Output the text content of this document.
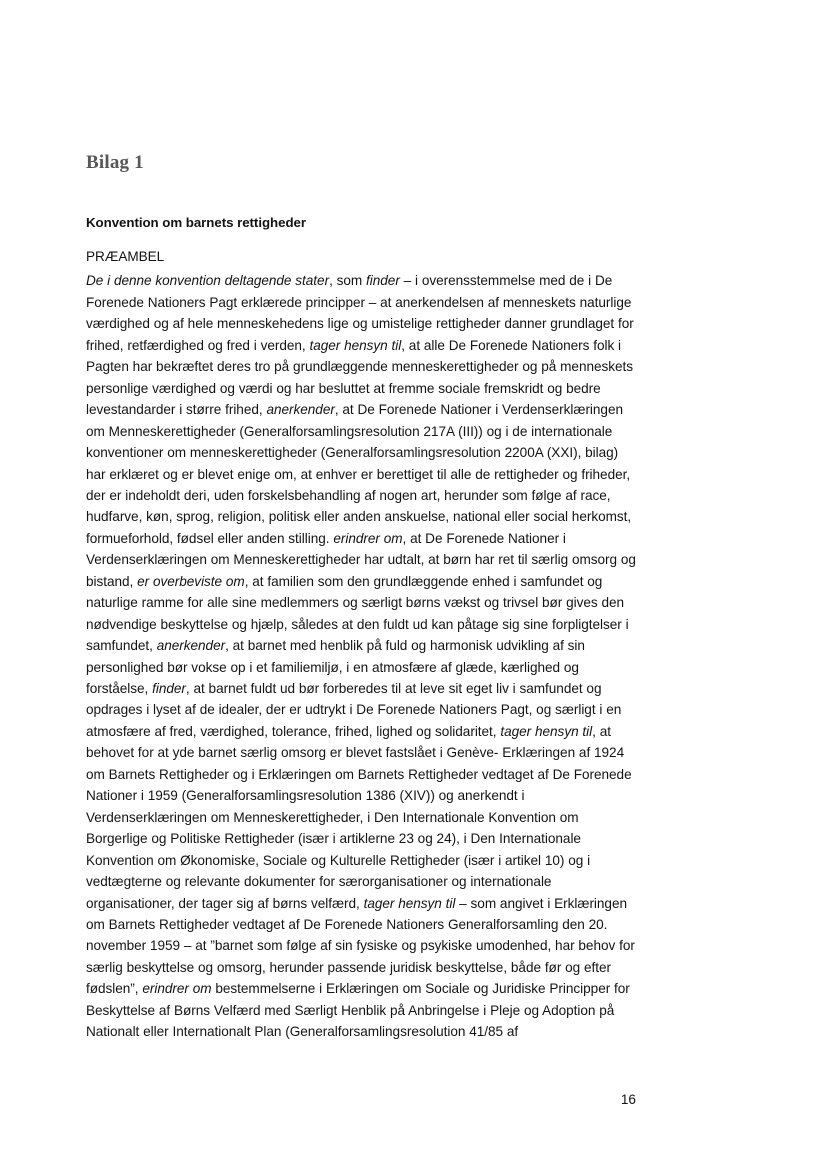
Bilag 1
Konvention om barnets rettigheder

PRÆAMBEL

De i denne konvention deltagende stater, som finder – i overensstemmelse med de i De Forenede Nationers Pagt erklærede principper – at anerkendelsen af menneskets naturlige værdighed og af hele menneskehedens lige og umistelige rettigheder danner grundlaget for frihed, retfærdighed og fred i verden, tager hensyn til, at alle De Forenede Nationers folk i Pagten har bekræftet deres tro på grundlæggende menneskerettigheder og på menneskets personlige værdighed og værdi og har besluttet at fremme sociale fremskridt og bedre levestandarder i større frihed, anerkender, at De Forenede Nationer i Verdenserklæringen om Menneskerettigheder (Generalforsamlingsresolution 217A (III)) og i de internationale konventioner om menneskerettigheder (Generalforsamlingsresolution 2200A (XXI), bilag) har erklæret og er blevet enige om, at enhver er berettiget til alle de rettigheder og friheder, der er indeholdt deri, uden forskelsbehandling af nogen art, herunder som følge af race, hudfarve, køn, sprog, religion, politisk eller anden anskuelse, national eller social herkomst, formueforhold, fødsel eller anden stilling. erindrer om, at De Forenede Nationer i Verdenserklæringen om Menneskerettigheder har udtalt, at børn har ret til særlig omsorg og bistand, er overbeviste om, at familien som den grundlæggende enhed i samfundet og naturlige ramme for alle sine medlemmers og særligt børns vækst og trivsel bør gives den nødvendige beskyttelse og hjælp, således at den fuldt ud kan påtage sig sine forpligtelser i samfundet, anerkender, at barnet med henblik på fuld og harmonisk udvikling af sin personlighed bør vokse op i et familiemiljø, i en atmosfære af glæde, kærlighed og forståelse, finder, at barnet fuldt ud bør forberedes til at leve sit eget liv i samfundet og opdrages i lyset af de idealer, der er udtrykt i De Forenede Nationers Pagt, og særligt i en atmosfære af fred, værdighed, tolerance, frihed, lighed og solidaritet, tager hensyn til, at behovet for at yde barnet særlig omsorg er blevet fastslået i Genève- Erklæringen af 1924 om Barnets Rettigheder og i Erklæringen om Barnets Rettigheder vedtaget af De Forenede Nationer i 1959 (Generalforsamlingsresolution 1386 (XIV)) og anerkendt i Verdenserklæringen om Menneskerettigheder, i Den Internationale Konvention om Borgerlige og Politiske Rettigheder (især i artiklerne 23 og 24), i Den Internationale Konvention om Økonomiske, Sociale og Kulturelle Rettigheder (især i artikel 10) og i vedtægterne og relevante dokumenter for særorganisationer og internationale organisationer, der tager sig af børns velfærd, tager hensyn til – som angivet i Erklæringen om Barnets Rettigheder vedtaget af De Forenede Nationers Generalforsamling den 20. november 1959 – at ”barnet som følge af sin fysiske og psykiske umodenhed, har behov for særlig beskyttelse og omsorg, herunder passende juridisk beskyttelse, både før og efter fødslen”, erindrer om bestemmelserne i Erklæringen om Sociale og Juridiske Principper for Beskyttelse af Børns Velfærd med Særligt Henblik på Anbringelse i Pleje og Adoption på Nationalt eller Internationalt Plan (Generalforsamlingsresolution 41/85 af

16
